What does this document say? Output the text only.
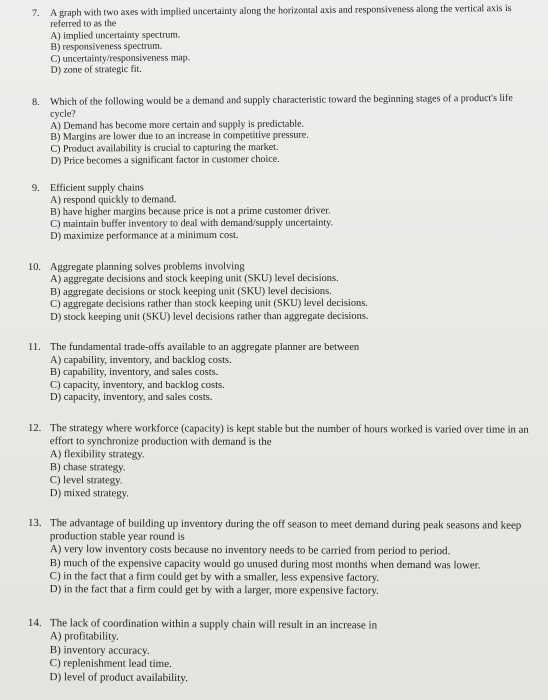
7.	A graph with two axes with implied uncertainty along the horizontal axis and responsiveness along the vertical axis is referred to as the
A) implied uncertainty spectrum.
B) responsiveness spectrum.
C) uncertainty/responsiveness map.
D) zone of strategic fit.
8.	Which of the following would be a demand and supply characteristic toward the beginning stages of a product's life cycle?
A) Demand has become more certain and supply is predictable.
B) Margins are lower due to an increase in competitive pressure.
C) Product availability is crucial to capturing the market.
D) Price becomes a significant factor in customer choice.
9.	Efficient supply chains
A) respond quickly to demand.
B) have higher margins because price is not a prime customer driver.
C) maintain buffer inventory to deal with demand/supply uncertainty.
D) maximize performance at a minimum cost.
10. Aggregate planning solves problems involving
A) aggregate decisions and stock keeping unit (SKU) level decisions.
B) aggregate decisions or stock keeping unit (SKU) level decisions.
C) aggregate decisions rather than stock keeping unit (SKU) level decisions.
D) stock keeping unit (SKU) level decisions rather than aggregate decisions.
11. The fundamental trade-offs available to an aggregate planner are between
A) capability, inventory, and backlog costs.
B) capability, inventory, and sales costs.
C) capacity, inventory, and backlog costs.
D) capacity, inventory, and sales costs.
12. The strategy where workforce (capacity) is kept stable but the number of hours worked is varied over time in an effort to synchronize production with demand is the
A) flexibility strategy.
B) chase strategy.
C) level strategy.
D) mixed strategy.
13. The advantage of building up inventory during the off season to meet demand during peak seasons and keep production stable year round is
A) very low inventory costs because no inventory needs to be carried from period to period.
B) much of the expensive capacity would go unused during most months when demand was lower.
C) in the fact that a firm could get by with a smaller, less expensive factory.
D) in the fact that a firm could get by with a larger, more expensive factory.
14. The lack of coordination within a supply chain will result in an increase in
A) profitability.
B) inventory accuracy.
C) replenishment lead time.
D) level of product availability.
